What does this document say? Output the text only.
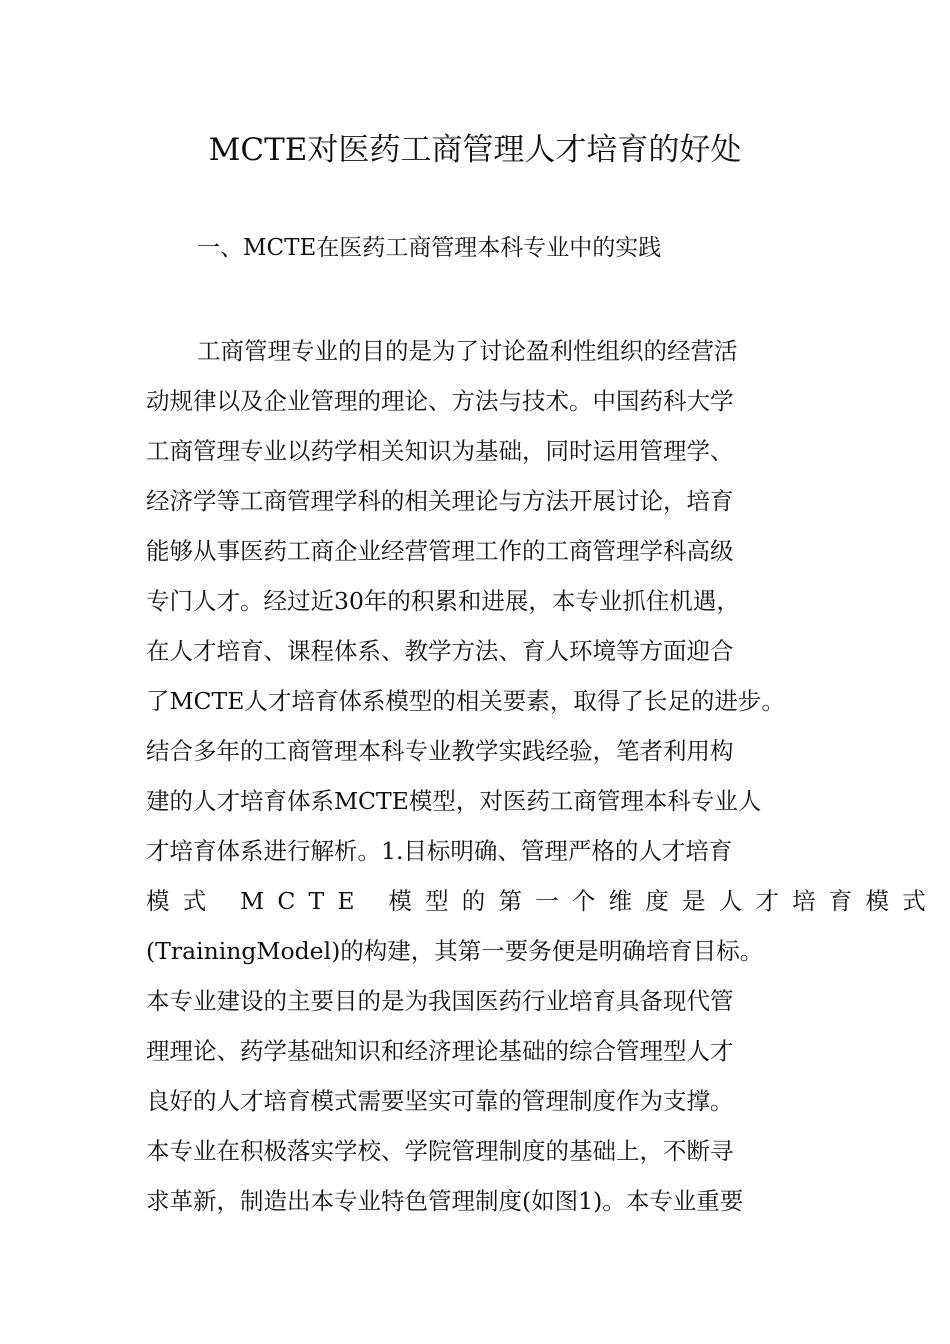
MCTE对医药工商管理人才培育的好处
一、MCTE在医药工商管理本科专业中的实践
工商管理专业的目的是为了讨论盈利性组织的经营活
动规律以及企业管理的理论、方法与技术。中国药科大学
工商管理专业以药学相关知识为基础，同时运用管理学、
经济学等工商管理学科的相关理论与方法开展讨论，培育
能够从事医药工商企业经营管理工作的工商管理学科高级
专门人才。经过近30年的积累和进展，本专业抓住机遇，
在人才培育、课程体系、教学方法、育人环境等方面迎合
了MCTE人才培育体系模型的相关要素，取得了长足的进步。
结合多年的工商管理本科专业教学实践经验，笔者利用构
建的人才培育体系MCTE模型，对医药工商管理本科专业人
才培育体系进行解析。1.目标明确、管理严格的人才培育
模式 MCTE 模型的第一个维度是人才培育模式
(TrainingModel)的构建，其第一要务便是明确培育目标。
本专业建设的主要目的是为我国医药行业培育具备现代管
理理论、药学基础知识和经济理论基础的综合管理型人才
良好的人才培育模式需要坚实可靠的管理制度作为支撑。
本专业在积极落实学校、学院管理制度的基础上，不断寻
求革新，制造出本专业特色管理制度(如图1)。本专业重要
